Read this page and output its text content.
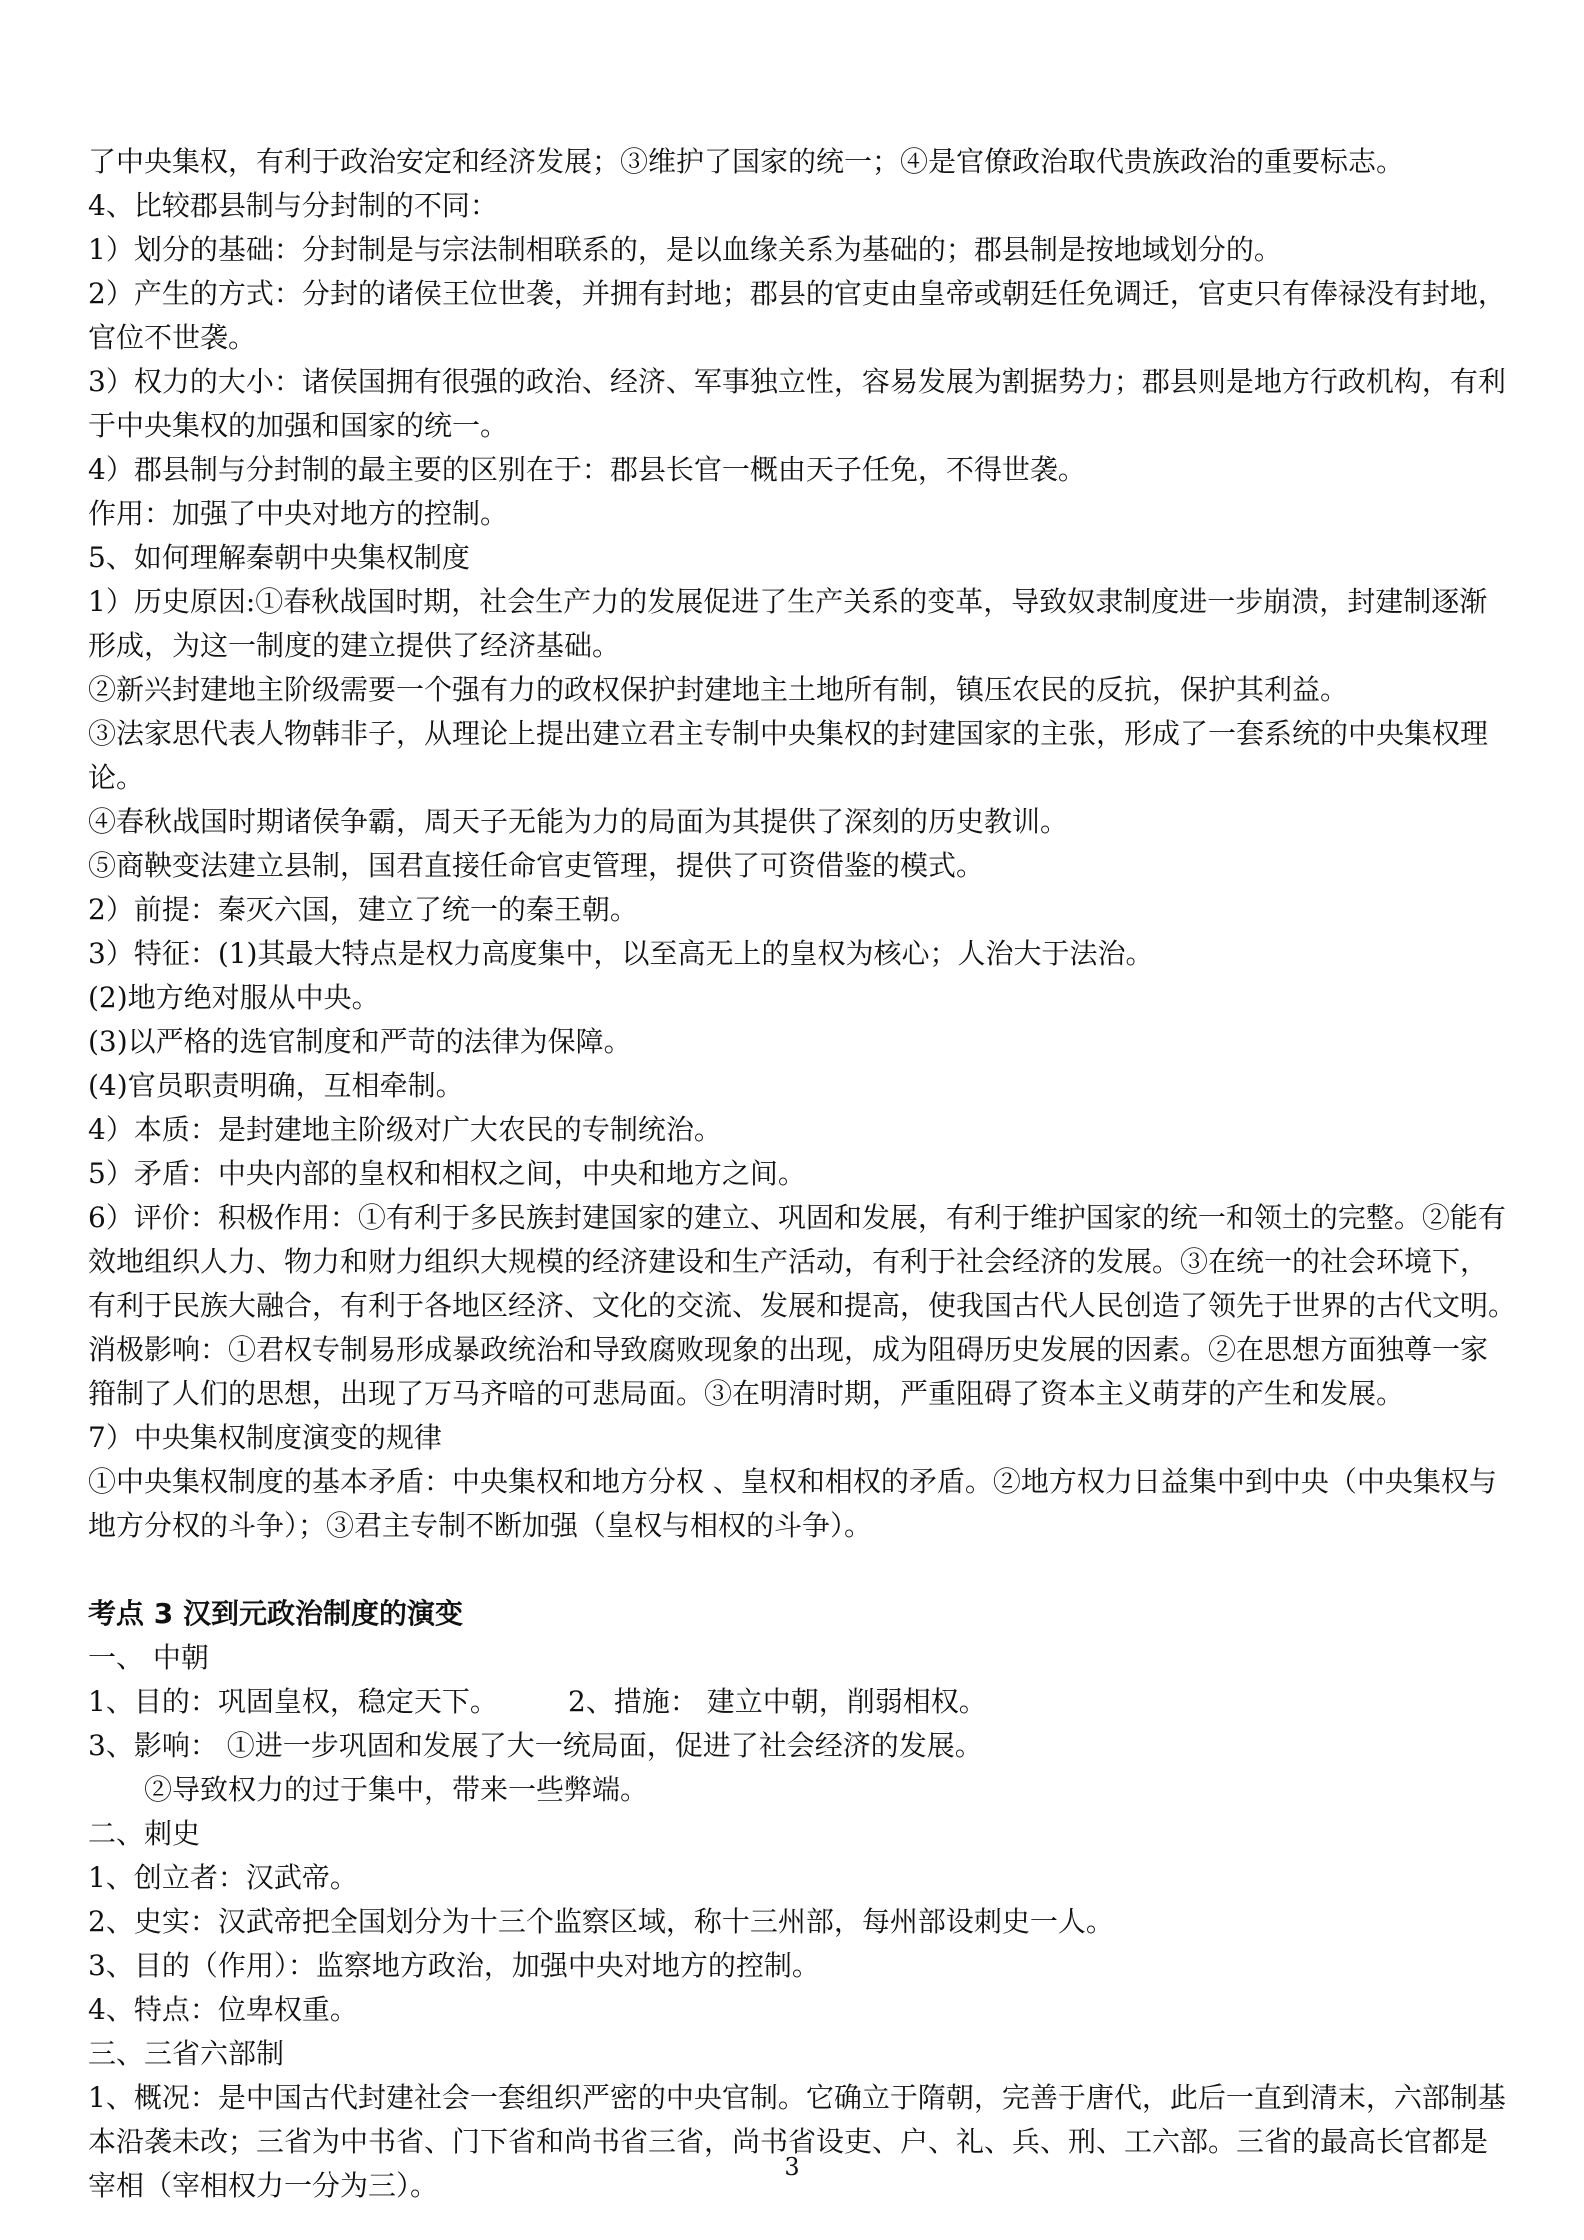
了中央集权，有利于政治安定和经济发展；③维护了国家的统一；④是官僚政治取代贵族政治的重要标志。

4、比较郡县制与分封制的不同：

1）划分的基础：分封制是与宗法制相联系的，是以血缘关系为基础的；郡县制是按地域划分的。

2）产生的方式：分封的诸侯王位世袭，并拥有封地；郡县的官吏由皇帝或朝廷任免调迁，官吏只有俸禄没有封地，

官位不世袭。

3）权力的大小：诸侯国拥有很强的政治、经济、军事独立性，容易发展为割据势力；郡县则是地方行政机构，有利

于中央集权的加强和国家的统一。

4）郡县制与分封制的最主要的区别在于：郡县长官一概由天子任免，不得世袭。

作用：加强了中央对地方的控制。

5、如何理解秦朝中央集权制度

1）历史原因:①春秋战国时期，社会生产力的发展促进了生产关系的变革，导致奴隶制度进一步崩溃，封建制逐渐

形成，为这一制度的建立提供了经济基础。

②新兴封建地主阶级需要一个强有力的政权保护封建地主土地所有制，镇压农民的反抗，保护其利益。

③法家思代表人物韩非子，从理论上提出建立君主专制中央集权的封建国家的主张，形成了一套系统的中央集权理

论。

④春秋战国时期诸侯争霸，周天子无能为力的局面为其提供了深刻的历史教训。

⑤商鞅变法建立县制，国君直接任命官吏管理，提供了可资借鉴的模式。

2）前提：秦灭六国，建立了统一的秦王朝。

3）特征：(1)其最大特点是权力高度集中，以至高无上的皇权为核心；人治大于法治。

(2)地方绝对服从中央。

(3)以严格的选官制度和严苛的法律为保障。

(4)官员职责明确，互相牵制。

4）本质：是封建地主阶级对广大农民的专制统治。

5）矛盾：中央内部的皇权和相权之间，中央和地方之间。

6）评价：积极作用：①有利于多民族封建国家的建立、巩固和发展，有利于维护国家的统一和领土的完整。②能有

效地组织人力、物力和财力组织大规模的经济建设和生产活动，有利于社会经济的发展。③在统一的社会环境下，

有利于民族大融合，有利于各地区经济、文化的交流、发展和提高，使我国古代人民创造了领先于世界的古代文明。

消极影响：①君权专制易形成暴政统治和导致腐败现象的出现，成为阻碍历史发展的因素。②在思想方面独尊一家

箝制了人们的思想，出现了万马齐喑的可悲局面。③在明清时期，严重阻碍了资本主义萌芽的产生和发展。

7）中央集权制度演变的规律

①中央集权制度的基本矛盾：中央集权和地方分权 、皇权和相权的矛盾。②地方权力日益集中到中央（中央集权与

地方分权的斗争）；③君主专制不断加强（皇权与相权的斗争）。

考点 3 汉到元政治制度的演变

一、 中朝

1、目的：巩固皇权，稳定天下。	2、措施： 建立中朝，削弱相权。

3、影响： ①进一步巩固和发展了大一统局面，促进了社会经济的发展。

②导致权力的过于集中，带来一些弊端。

二、刺史

1、创立者：汉武帝。

2、史实：汉武帝把全国划分为十三个监察区域，称十三州部，每州部设刺史一人。

3、目的（作用）：监察地方政治，加强中央对地方的控制。

4、特点：位卑权重。

三、三省六部制

1、概况：是中国古代封建社会一套组织严密的中央官制。它确立于隋朝，完善于唐代，此后一直到清末，六部制基

本沿袭未改；三省为中书省、门下省和尚书省三省，尚书省设吏、户、礼、兵、刑、工六部。三省的最高长官都是

宰相（宰相权力一分为三）。

3
